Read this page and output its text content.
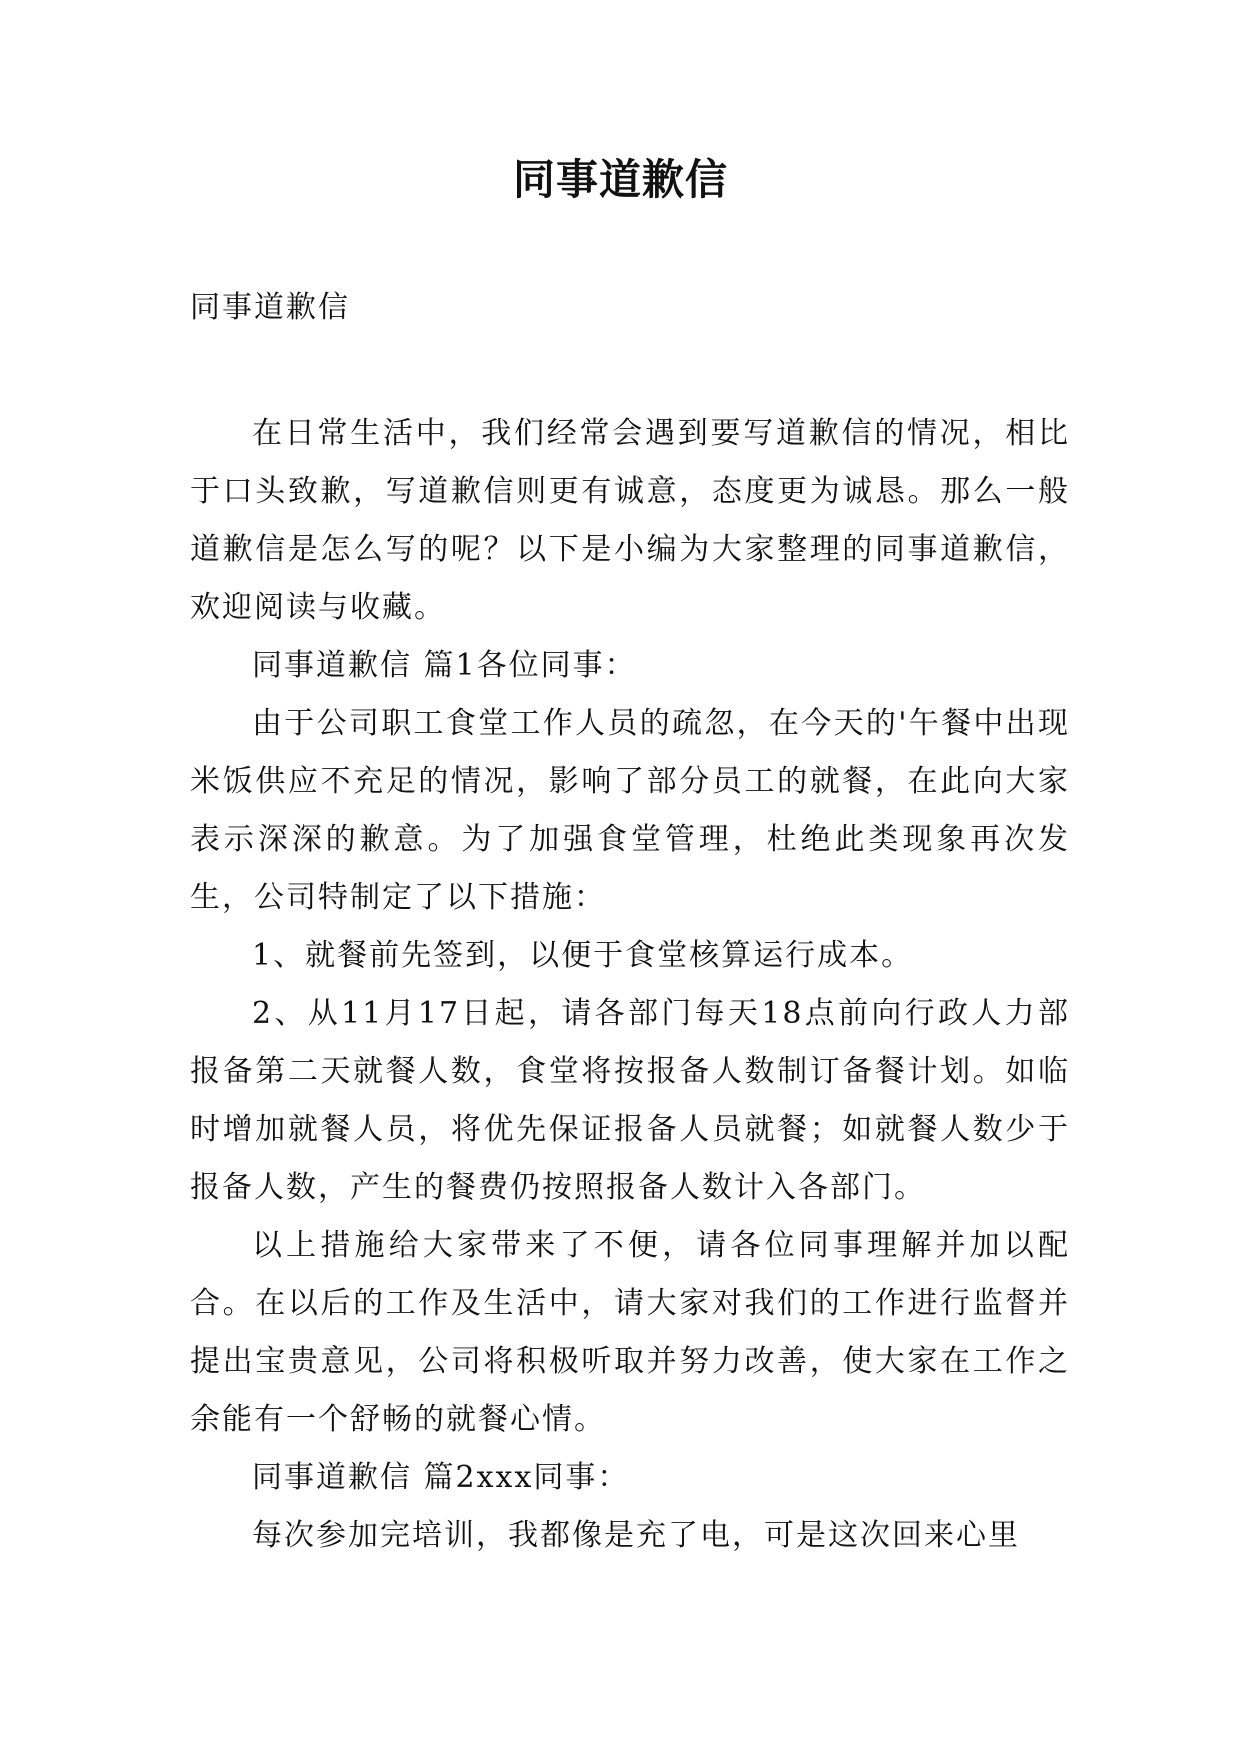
同事道歉信
同事道歉信

在日常生活中，我们经常会遇到要写道歉信的情况，相比于口头致歉，写道歉信则更有诚意，态度更为诚恳。那么一般道歉信是怎么写的呢？以下是小编为大家整理的同事道歉信，欢迎阅读与收藏。

同事道歉信 篇1各位同事：

由于公司职工食堂工作人员的疏忽，在今天的'午餐中出现米饭供应不充足的情况，影响了部分员工的就餐，在此向大家表示深深的歉意。为了加强食堂管理，杜绝此类现象再次发生，公司特制定了以下措施：

1、就餐前先签到，以便于食堂核算运行成本。

2、从11月17日起，请各部门每天18点前向行政人力部报备第二天就餐人数，食堂将按报备人数制订备餐计划。如临时增加就餐人员，将优先保证报备人员就餐；如就餐人数少于报备人数，产生的餐费仍按照报备人数计入各部门。

以上措施给大家带来了不便，请各位同事理解并加以配合。在以后的工作及生活中，请大家对我们的工作进行监督并提出宝贵意见，公司将积极听取并努力改善，使大家在工作之余能有一个舒畅的就餐心情。

同事道歉信 篇2xxx同事：

每次参加完培训，我都像是充了电，可是这次回来心里
